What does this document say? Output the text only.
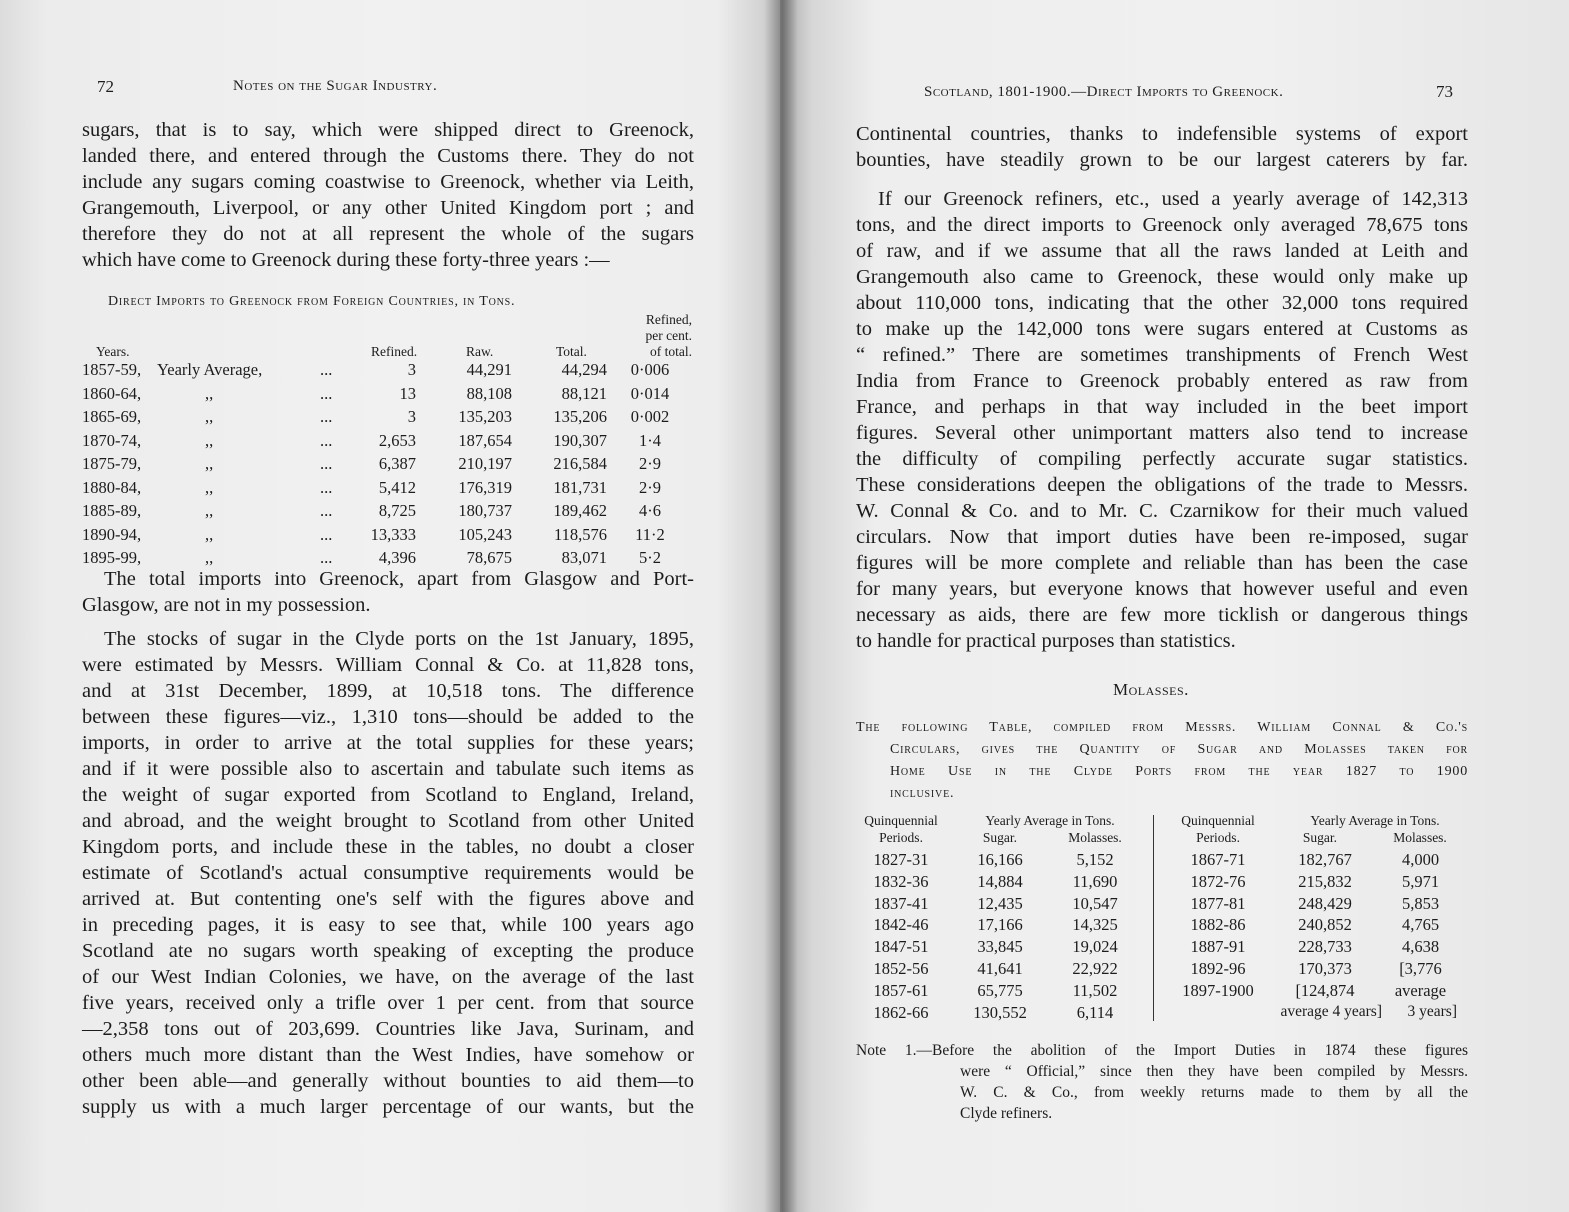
72	Notes on the Sugar Industry.
sugars, that is to say, which were shipped direct to Greenock,
landed there, and entered through the Customs there. They do not
include any sugars coming coastwise to Greenock, whether via Leith,
Grangemouth, Liverpool, or any other United Kingdom port ; and
therefore they do not at all represent the whole of the sugars
which have come to Greenock during these forty-three years :—
Direct Imports to Greenock from Foreign Countries, in Tons.
Years.	Refined.	Raw.	Total.
Refined,
per cent.
of total.
1857-59, Yearly Average,	...	3	44,291	44,294	0·006
1860-64,	,,	...	13	88,108	88,121	0·014
1865-69,	,,	...	3	135,203	135,206	0·002
1870-74,	,,	...	2,653	187,654	190,307	1·4
1875-79,	,,	...	6,387	210,197	216,584	2·9
1880-84,	,,	...	5,412	176,319	181,731	2·9
1885-89,	,,	...	8,725	180,737	189,462	4·6
1890-94,	,,	...	13,333	105,243	118,576	11·2
1895-99,	,,	...	4,396	78,675	83,071	5·2
The total imports into Greenock, apart from Glasgow and Port-
Glasgow, are not in my possession.
The stocks of sugar in the Clyde ports on the 1st January, 1895,
were estimated by Messrs. William Connal & Co. at 11,828 tons,
and at 31st December, 1899, at 10,518 tons. The difference
between these figures—viz., 1,310 tons—should be added to the
imports, in order to arrive at the total supplies for these years;
and if it were possible also to ascertain and tabulate such items as
the weight of sugar exported from Scotland to England, Ireland,
and abroad, and the weight brought to Scotland from other United
Kingdom ports, and include these in the tables, no doubt a closer
estimate of Scotland's actual consumptive requirements would be
arrived at. But contenting one's self with the figures above and
in preceding pages, it is easy to see that, while 100 years ago
Scotland ate no sugars worth speaking of excepting the produce
of our West Indian Colonies, we have, on the average of the last
five years, received only a trifle over 1 per cent. from that source
—2,358 tons out of 203,699. Countries like Java, Surinam, and
others much more distant than the West Indies, have somehow or
other been able—and generally without bounties to aid them—to
supply us with a much larger percentage of our wants, but the
Scotland, 1801-1900.—Direct Imports to Greenock.	73
Continental countries, thanks to indefensible systems of export
bounties, have steadily grown to be our largest caterers by far.
If our Greenock refiners, etc., used a yearly average of 142,313
tons, and the direct imports to Greenock only averaged 78,675 tons
of raw, and if we assume that all the raws landed at Leith and
Grangemouth also came to Greenock, these would only make up
about 110,000 tons, indicating that the other 32,000 tons required
to make up the 142,000 tons were sugars entered at Customs as
“ refined.” There are sometimes transhipments of French West
India from France to Greenock probably entered as raw from
France, and perhaps in that way included in the beet import
figures. Several other unimportant matters also tend to increase
the difficulty of compiling perfectly accurate sugar statistics.
These considerations deepen the obligations of the trade to Messrs.
W. Connal & Co. and to Mr. C. Czarnikow for their much valued
circulars. Now that import duties have been re-imposed, sugar
figures will be more complete and reliable than has been the case
for many years, but everyone knows that however useful and even
necessary as aids, there are few more ticklish or dangerous things
to handle for practical purposes than statistics.
Molasses.
The following Table, compiled from Messrs. William Connal & Co.'s
Circulars, gives the Quantity of Sugar and Molasses taken for
Home Use in the Clyde Ports from the year 1827 to 1900
inclusive.
Quinquennial
Periods.
Yearly Average in Tons.
Sugar.	Molasses.
Quinquennial
Periods.
Yearly Average in Tons.
Sugar.	Molasses.
1827-31	16,166	5,152
1832-36	14,884	11,690
1837-41	12,435	10,547
1842-46	17,166	14,325
1847-51	33,845	19,024
1852-56	41,641	22,922
1857-61	65,775	11,502
1862-66	130,552	6,114
1867-71	182,767	4,000
1872-76	215,832	5,971
1877-81	248,429	5,853
1882-86	240,852	4,765
1887-91	228,733	4,638
1892-96	170,373	[3,776
1897-1900	[124,874	average
average 4 years]	3 years]
Note 1.—Before the abolition of the Import Duties in 1874 these figures
were “ Official,” since then they have been compiled by Messrs.
W. C. & Co., from weekly returns made to them by all the
Clyde refiners.
